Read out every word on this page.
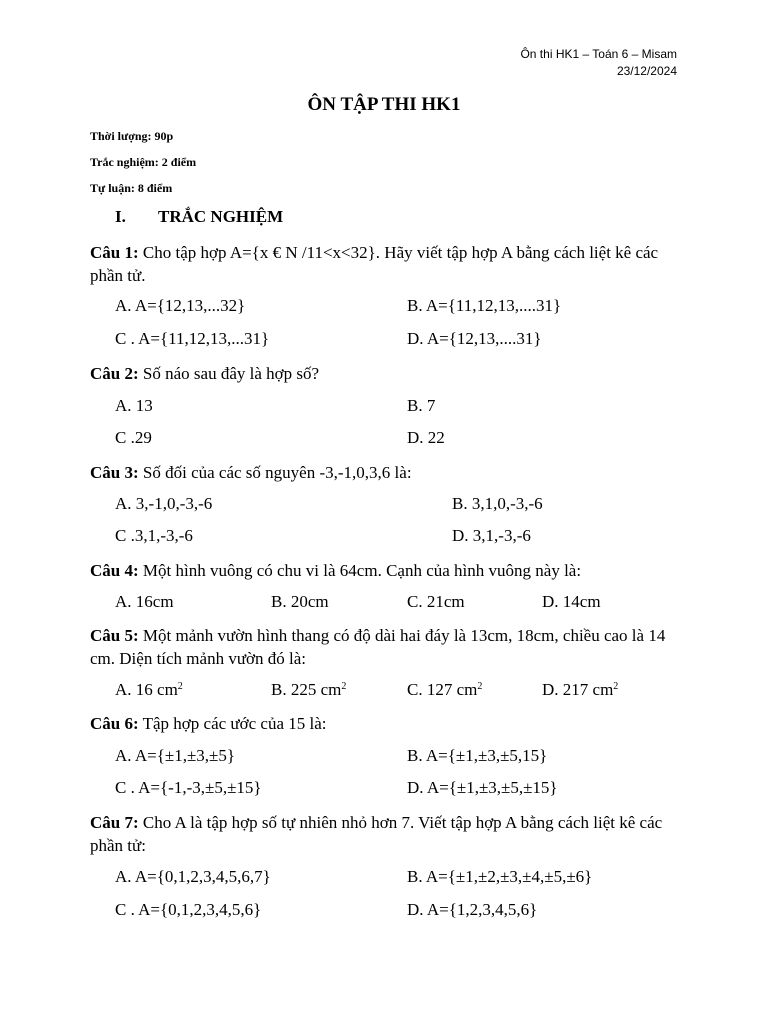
Ôn thi HK1 – Toán 6 – Misam
23/12/2024
ÔN TẬP THI HK1
Thời lượng: 90p
Trắc nghiệm: 2 điểm
Tự luận: 8 điểm
I. TRẮC NGHIỆM
Câu 1: Cho tập hợp A={x € N /11<x<32}. Hãy viết tập hợp A bằng cách liệt kê các phần tử.
A. A={12,13,...32}	B. A={11,12,13,....31}
C . A={11,12,13,...31}	D. A={12,13,....31}
Câu 2: Số náo sau đây là hợp số?
A. 13	B. 7
C .29	D. 22
Câu 3: Số đối của các số nguyên -3,-1,0,3,6 là:
A. 3,-1,0,-3,-6	B. 3,1,0,-3,-6
C .3,1,-3,-6	D. 3,1,-3,-6
Câu 4: Một hình vuông có chu vi là 64cm. Cạnh của hình vuông này là:
A. 16cm	B. 20cm	C. 21cm	D. 14cm
Câu 5: Một mảnh vườn hình thang có độ dài hai đáy là 13cm, 18cm, chiều cao là 14 cm. Diện tích mảnh vườn đó là:
A. 16 $cm^2$	B. 225 $cm^2$	C. 127 $cm^2$	D. 217 $cm^2$
Câu 6: Tập hợp các ước của 15 là:
A. A={±1,±3,±5}	B. A={±1,±3,±5,15}
C . A={-1,-3,±5,±15}	D. A={±1,±3,±5,±15}
Câu 7: Cho A là tập hợp số tự nhiên nhỏ hơn 7. Viết tập hợp A bằng cách liệt kê các phần tử:
A. A={0,1,2,3,4,5,6,7}	B. A={±1,±2,±3,±4,±5,±6}
C . A={0,1,2,3,4,5,6}	D. A={1,2,3,4,5,6}
